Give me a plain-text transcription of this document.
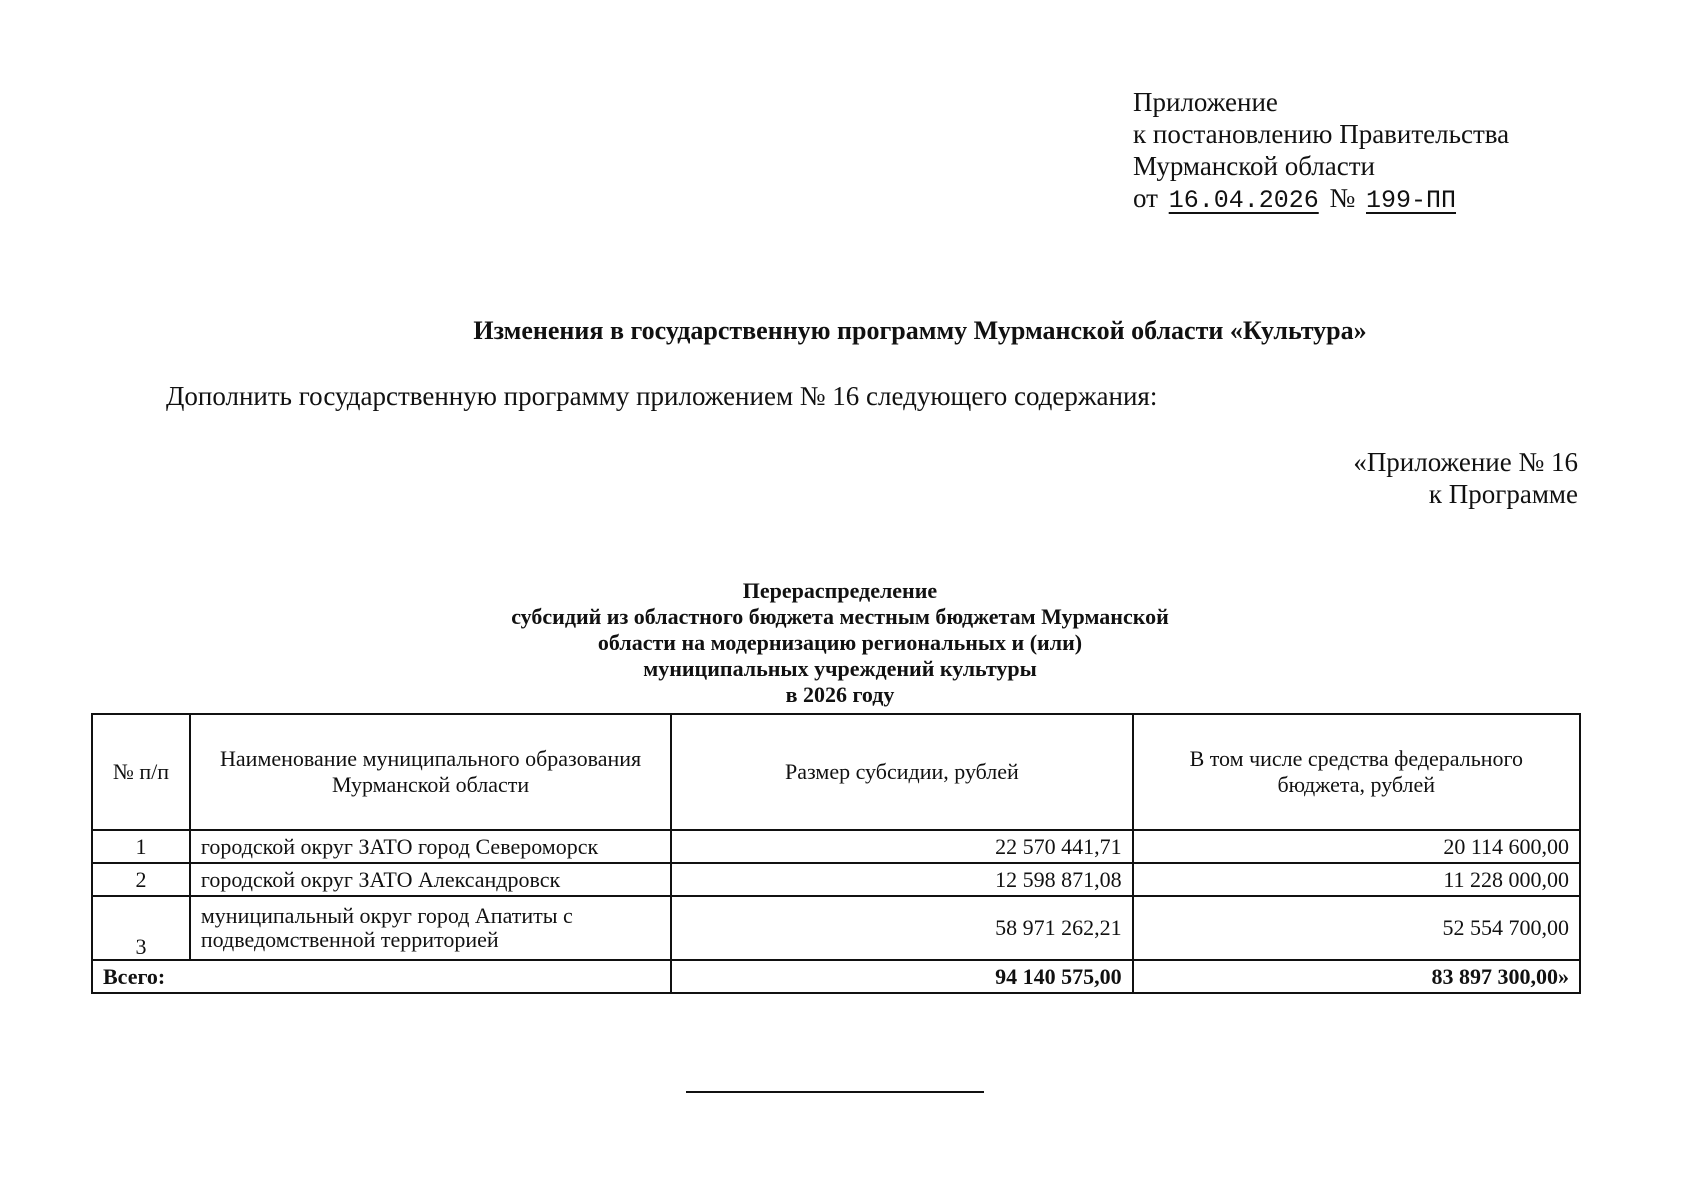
Приложение
к постановлению Правительства
Мурманской области
от 16.04.2026 № 199-ПП
Изменения в государственную программу Мурманской области «Культура»
Дополнить государственную программу приложением № 16 следующего содержания:
«Приложение № 16
к Программе
Перераспределение
субсидий из областного бюджета местным бюджетам Мурманской
области на модернизацию региональных и (или)
муниципальных учреждений культуры
в 2026 году
№ п/п	Наименование муниципального образования Мурманской области	Размер субсидии, рублей	В том числе средства федерального бюджета, рублей
1	городской округ ЗАТО город Североморск	22 570 441,71	20 114 600,00
2	городской округ ЗАТО Александровск	12 598 871,08	11 228 000,00
3	муниципальный округ город Апатиты с подведомственной территорией	58 971 262,21	52 554 700,00
Всего:		94 140 575,00	83 897 300,00»
